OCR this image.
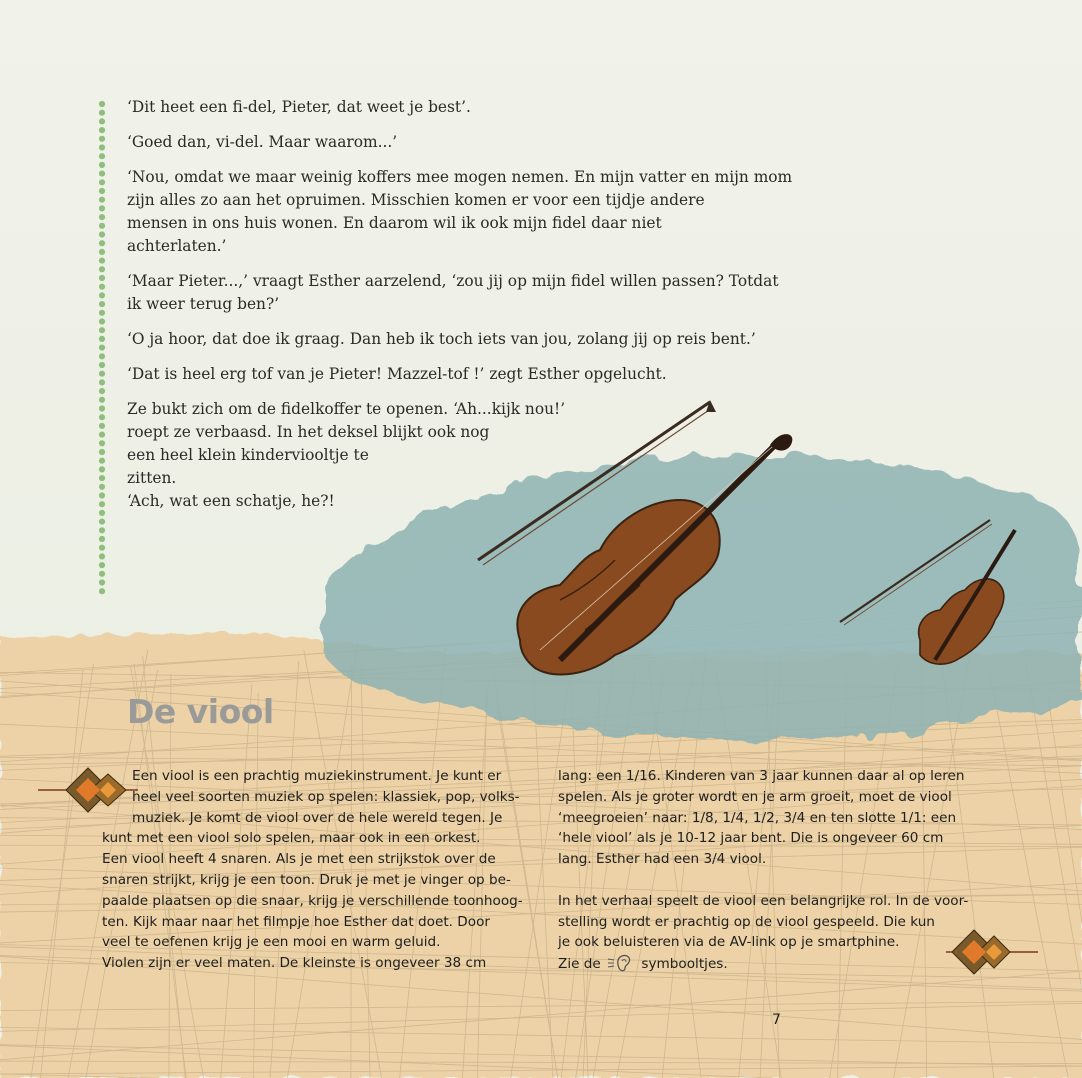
‘Dit heet een fi-del, Pieter, dat weet je best’.

‘Goed dan, vi-del. Maar waarom...’

‘Nou, omdat we maar weinig koffers mee mogen nemen. En mijn vatter en mijn mom
zijn alles zo aan het opruimen. Misschien komen er voor een tijdje andere
mensen in ons huis wonen. En daarom wil ik ook mijn fidel daar niet
achterlaten.’

‘Maar Pieter...,’ vraagt Esther aarzelend, ‘zou jij op mijn fidel willen passen? Totdat
ik weer terug ben?’

‘O ja hoor, dat doe ik graag. Dan heb ik toch iets van jou, zolang jij op reis bent.’

‘Dat is heel erg tof van je Pieter! Mazzel-tof !’ zegt Esther opgelucht.

Ze bukt zich om de fidelkoffer te openen. ‘Ah...kijk nou!’
roept ze verbaasd. In het deksel blijkt ook nog
een heel klein kinderviooltje te
zitten.
‘Ach, wat een schatje, he?!

De viool
Een viool is een prachtig muziekinstrument. Je kunt er
heel veel soorten muziek op spelen: klassiek, pop, volks-
muziek. Je komt de viool over de hele wereld tegen. Je
kunt met een viool solo spelen, maar ook in een orkest.
Een viool heeft 4 snaren. Als je met een strijkstok over de
snaren strijkt, krijg je een toon. Druk je met je vinger op be-
paalde plaatsen op die snaar, krijg je verschillende toonhoog-
ten. Kijk maar naar het filmpje hoe Esther dat doet. Door
veel te oefenen krijg je een mooi en warm geluid.
Violen zijn er veel maten. De kleinste is ongeveer 38 cm
lang: een 1/16. Kinderen van 3 jaar kunnen daar al op leren
spelen. Als je groter wordt en je arm groeit, moet de viool
‘meegroeien’ naar: 1/8, 1/4, 1/2, 3/4 en ten slotte 1/1: een
‘hele viool’ als je 10-12 jaar bent. Die is ongeveer 60 cm
lang. Esther had een 3/4 viool.

In het verhaal speelt de viool een belangrijke rol. In de voor-
stelling wordt er prachtig op de viool gespeeld. Die kun
je ook beluisteren via de AV-link op je smartphine.
Zie de	symbooltjes.
7
